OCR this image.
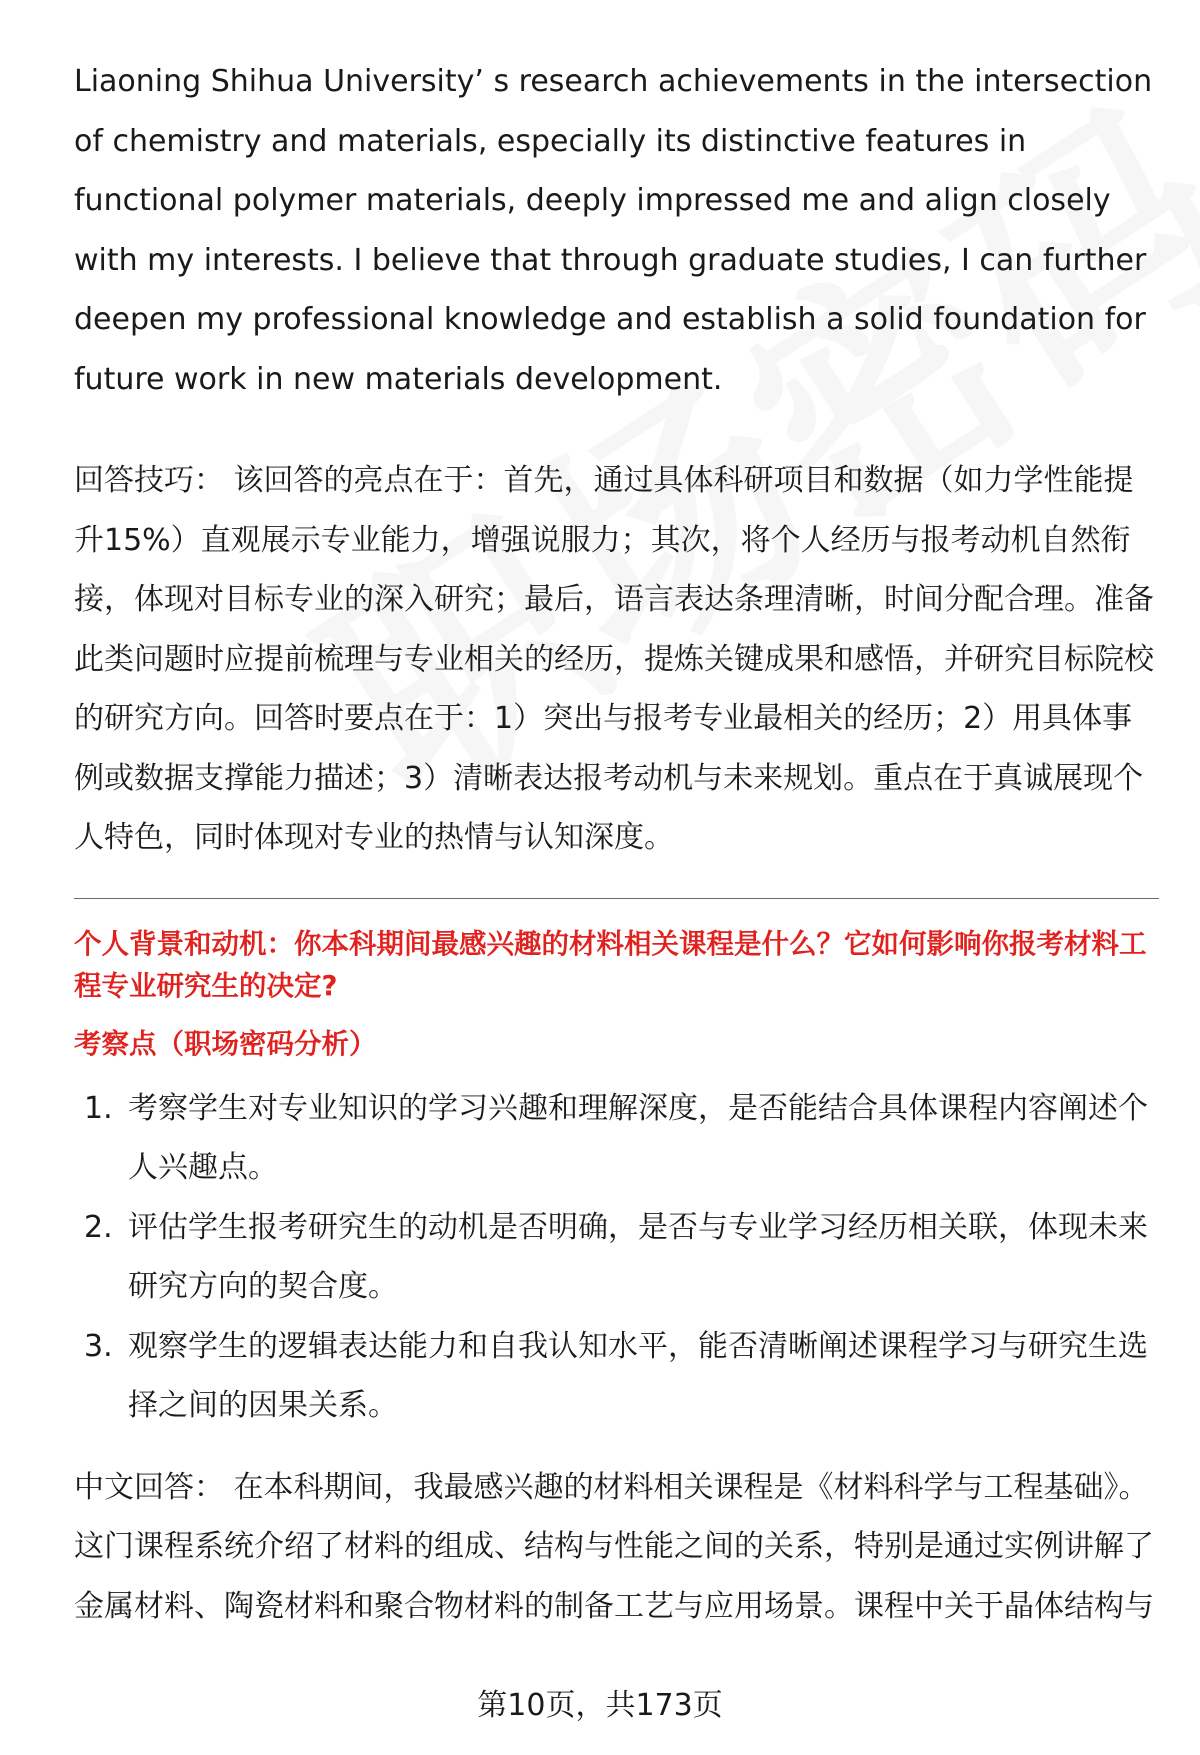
Liaoning Shihua University’ s research achievements in the intersection of chemistry and materials, especially its distinctive features in functional polymer materials, deeply impressed me and align closely with my interests. I believe that through graduate studies, I can further deepen my professional knowledge and establish a solid foundation for future work in new materials development.

回答技巧： 该回答的亮点在于：首先，通过具体科研项目和数据（如力学性能提升15%）直观展示专业能力，增强说服力；其次，将个人经历与报考动机自然衔接，体现对目标专业的深入研究；最后，语言表达条理清晰，时间分配合理。准备此类问题时应提前梳理与专业相关的经历，提炼关键成果和感悟，并研究目标院校的研究方向。回答时要点在于：1）突出与报考专业最相关的经历；2）用具体事例或数据支撑能力描述；3）清晰表达报考动机与未来规划。重点在于真诚展现个人特色，同时体现对专业的热情与认知深度。

个人背景和动机：你本科期间最感兴趣的材料相关课程是什么？它如何影响你报考材料工程专业研究生的决定?

考察点（职场密码分析）

1. 考察学生对专业知识的学习兴趣和理解深度，是否能结合具体课程内容阐述个人兴趣点。
2. 评估学生报考研究生的动机是否明确，是否与专业学习经历相关联，体现未来研究方向的契合度。
3. 观察学生的逻辑表达能力和自我认知水平，能否清晰阐述课程学习与研究生选择之间的因果关系。

中文回答： 在本科期间，我最感兴趣的材料相关课程是《材料科学与工程基础》。这门课程系统介绍了材料的组成、结构与性能之间的关系，特别是通过实例讲解了金属材料、陶瓷材料和聚合物材料的制备工艺与应用场景。课程中关于晶体结构与

第10页，共173页
